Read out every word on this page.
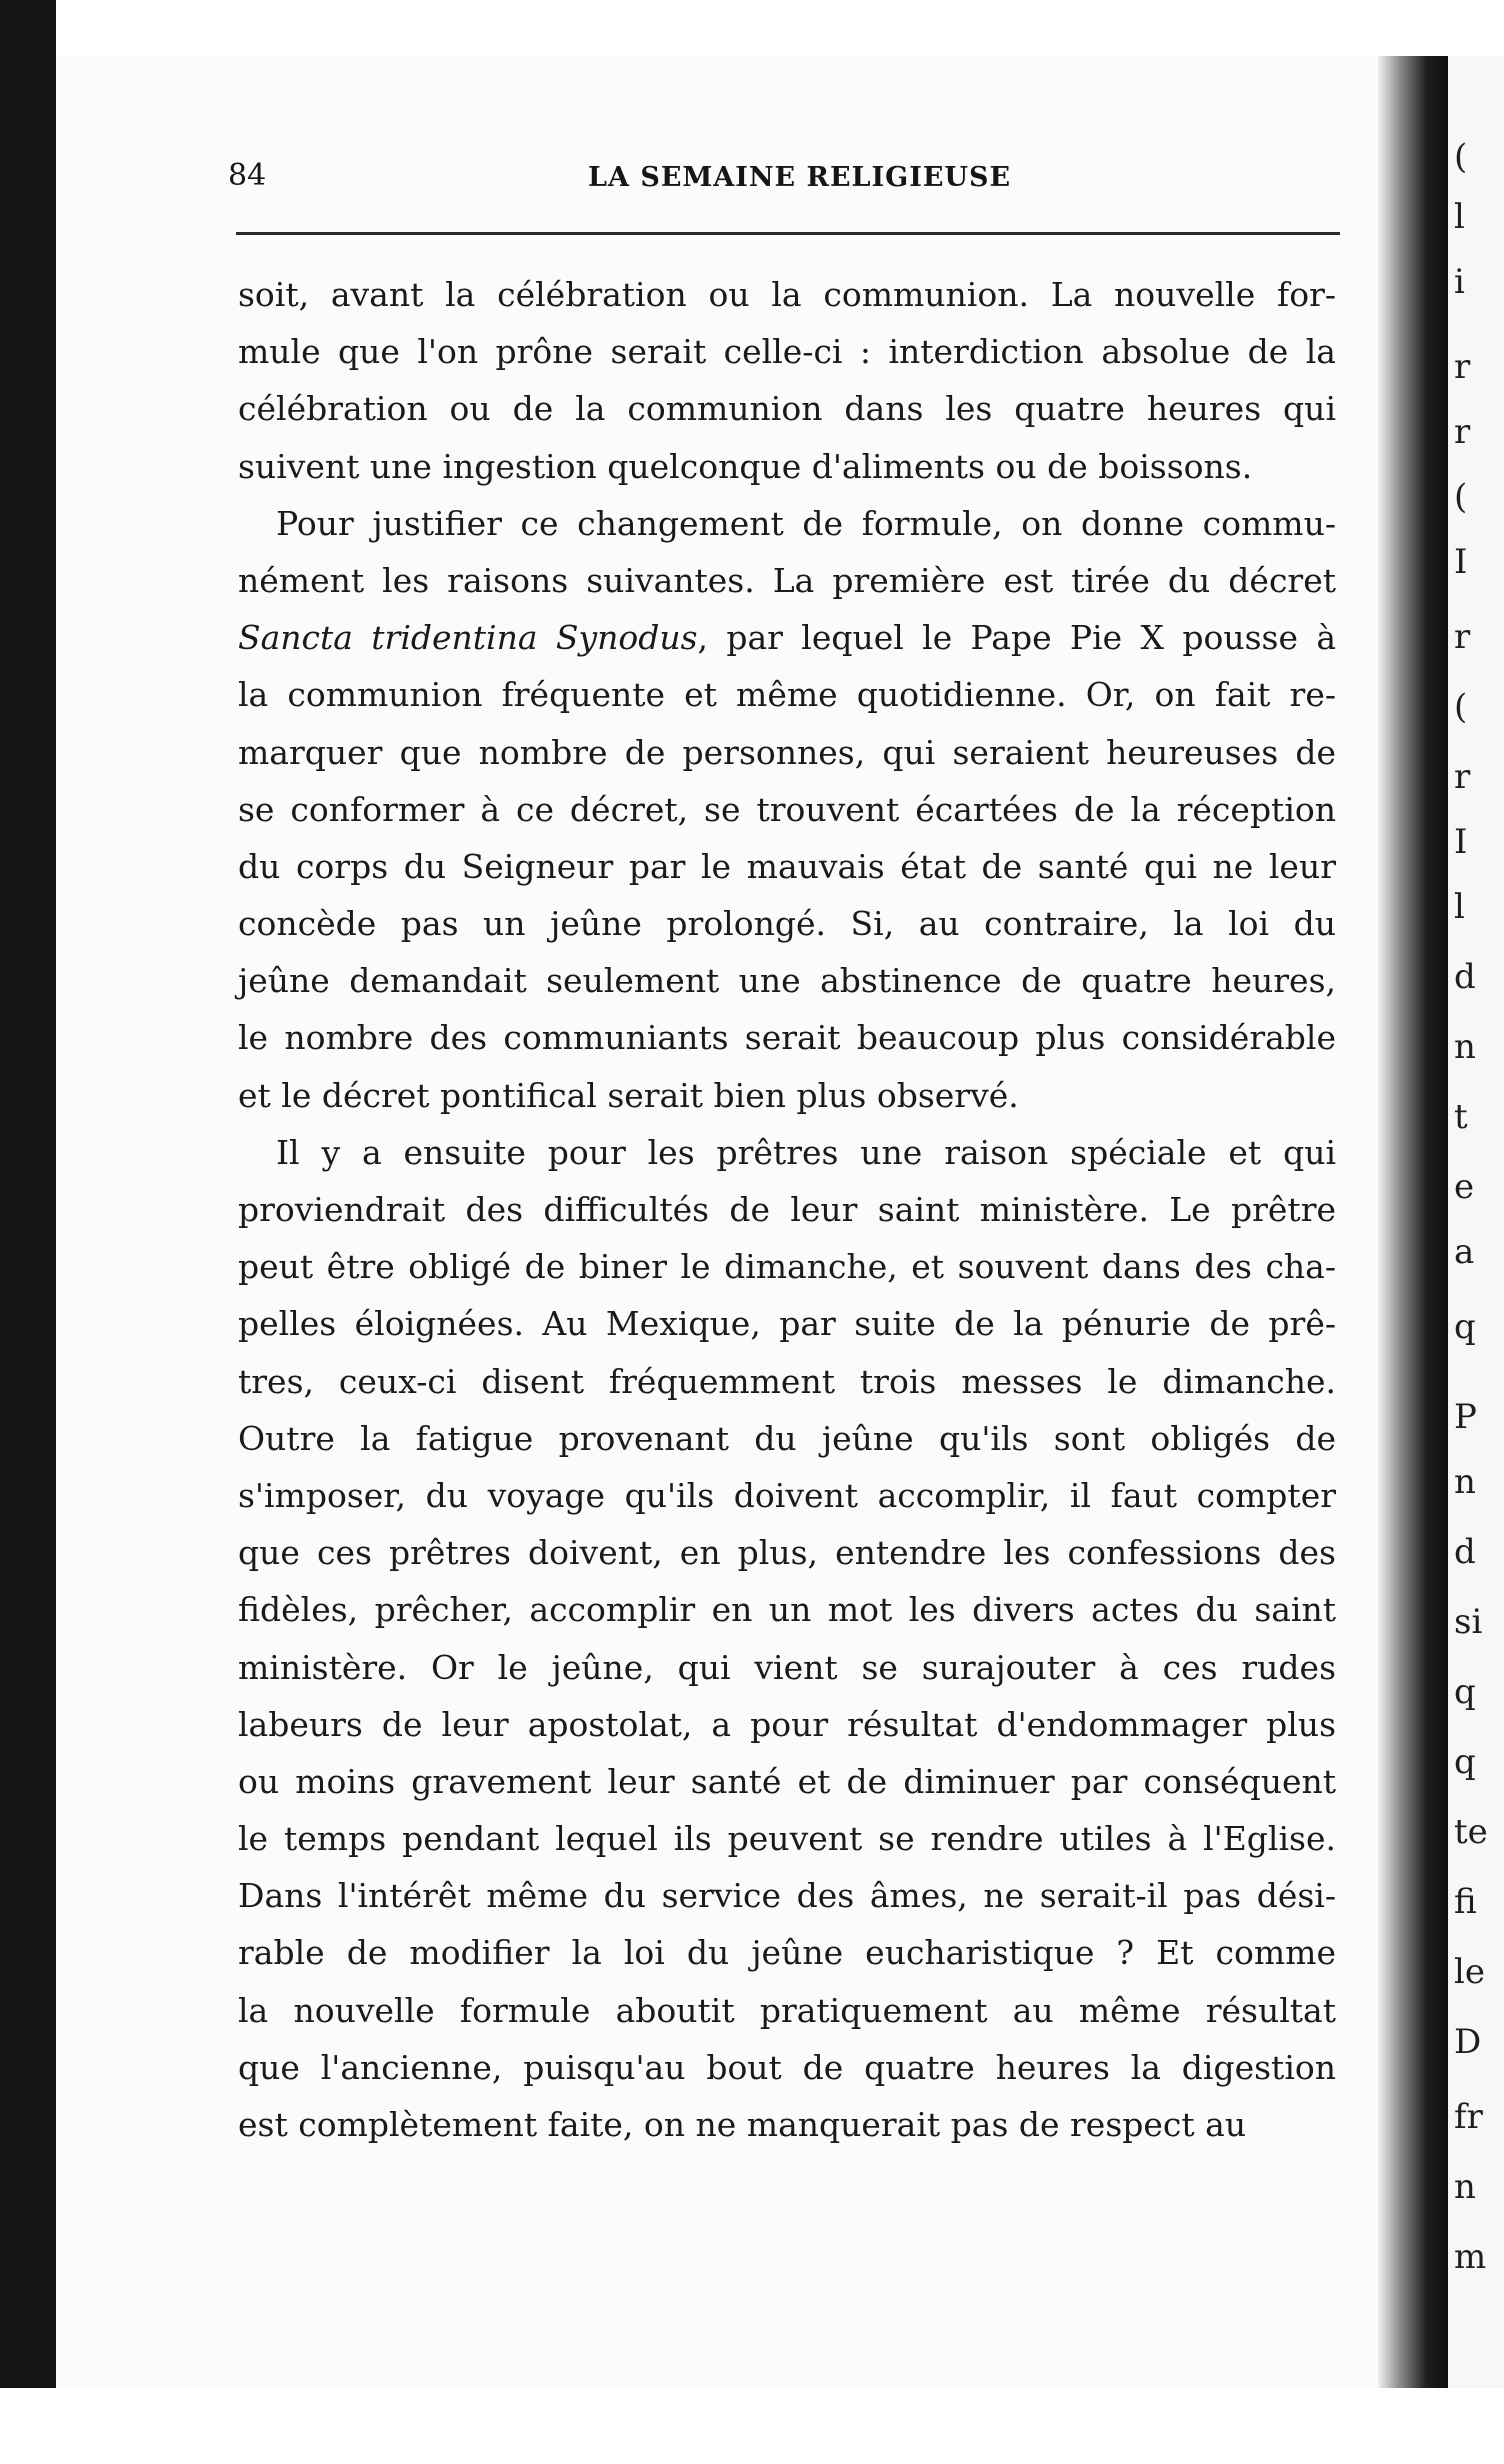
(
l
i
r
r
(
I
r
(
r
I
l
d
n
t
e
a
q
P
n
d
si
q
q
te
fi
le
D
fr
n
m
84	LA SEMAINE RELIGIEUSE
soit, avant la célébration ou la communion. La nouvelle for-
mule que l'on prône serait celle-ci : interdiction absolue de la
célébration ou de la communion dans les quatre heures qui
suivent une ingestion quelconque d'aliments ou de boissons.
Pour justifier ce changement de formule, on donne commu-
nément les raisons suivantes. La première est tirée du décret
Sancta tridentina Synodus, par lequel le Pape Pie X pousse à
la communion fréquente et même quotidienne. Or, on fait re-
marquer que nombre de personnes, qui seraient heureuses de
se conformer à ce décret, se trouvent écartées de la réception
du corps du Seigneur par le mauvais état de santé qui ne leur
concède pas un jeûne prolongé. Si, au contraire, la loi du
jeûne demandait seulement une abstinence de quatre heures,
le nombre des communiants serait beaucoup plus considérable
et le décret pontifical serait bien plus observé.
Il y a ensuite pour les prêtres une raison spéciale et qui
proviendrait des difficultés de leur saint ministère. Le prêtre
peut être obligé de biner le dimanche, et souvent dans des cha-
pelles éloignées. Au Mexique, par suite de la pénurie de prê-
tres, ceux-ci disent fréquemment trois messes le dimanche.
Outre la fatigue provenant du jeûne qu'ils sont obligés de
s'imposer, du voyage qu'ils doivent accomplir, il faut compter
que ces prêtres doivent, en plus, entendre les confessions des
fidèles, prêcher, accomplir en un mot les divers actes du saint
ministère. Or le jeûne, qui vient se surajouter à ces rudes
labeurs de leur apostolat, a pour résultat d'endommager plus
ou moins gravement leur santé et de diminuer par conséquent
le temps pendant lequel ils peuvent se rendre utiles à l'Eglise.
Dans l'intérêt même du service des âmes, ne serait-il pas dési-
rable de modifier la loi du jeûne eucharistique ? Et comme
la nouvelle formule aboutit pratiquement au même résultat
que l'ancienne, puisqu'au bout de quatre heures la digestion
est complètement faite, on ne manquerait pas de respect au
